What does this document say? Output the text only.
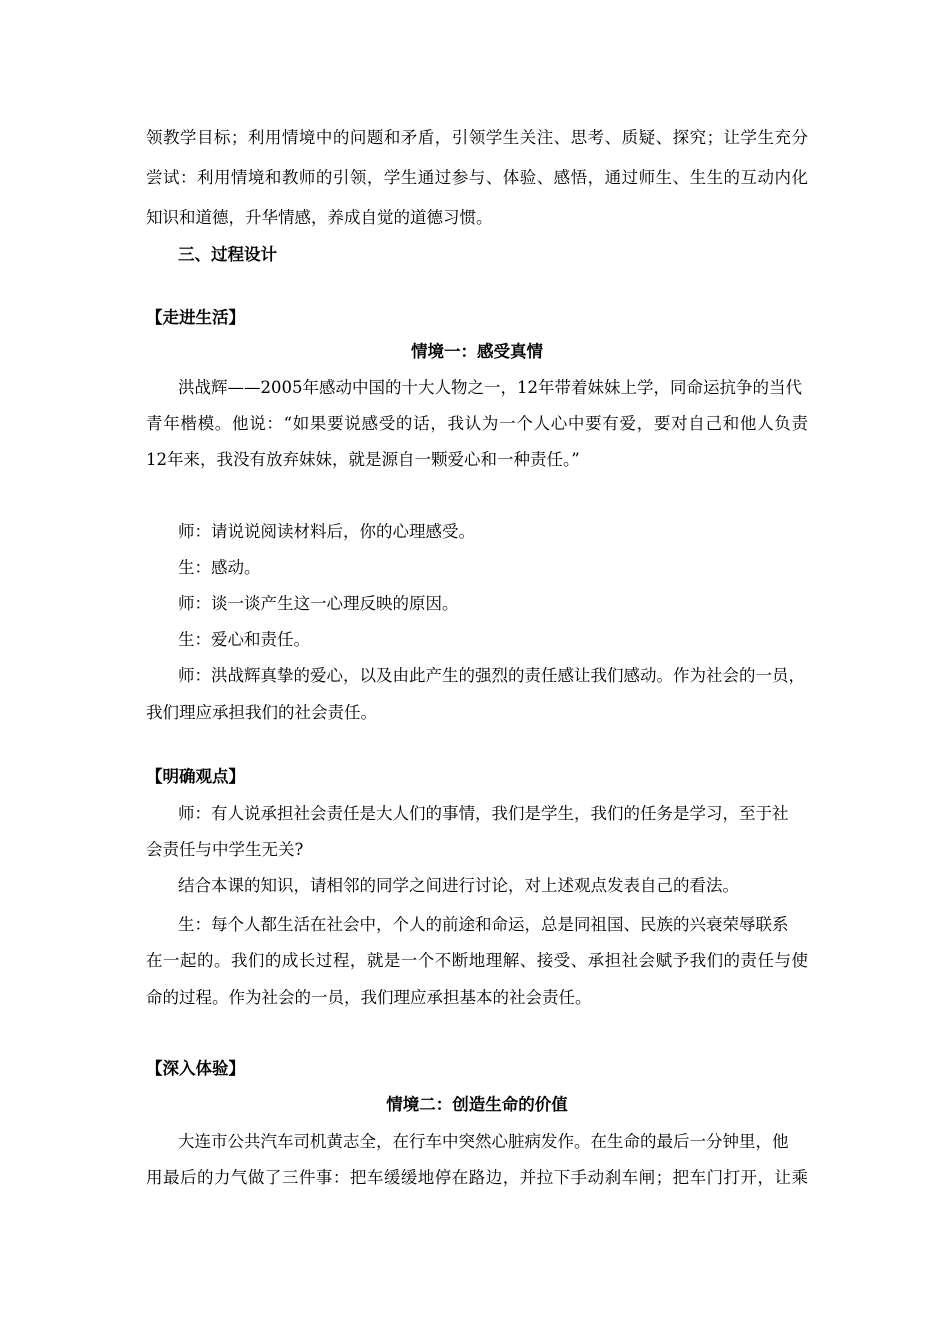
领教学目标；利用情境中的问题和矛盾，引领学生关注、思考、质疑、探究；让学生充分
尝试：利用情境和教师的引领，学生通过参与、体验、感悟，通过师生、生生的互动内化
知识和道德，升华情感，养成自觉的道德习惯。
三、过程设计
【走进生活】
情境一：感受真情
洪战辉——2005年感动中国的十大人物之一，12年带着妹妹上学，同命运抗争的当代
青年楷模。他说：“如果要说感受的话，我认为一个人心中要有爱，要对自己和他人负责
12年来，我没有放弃妹妹，就是源自一颗爱心和一种责任。”
师：请说说阅读材料后，你的心理感受。
生：感动。
师：谈一谈产生这一心理反映的原因。
生：爱心和责任。
师：洪战辉真挚的爱心，以及由此产生的强烈的责任感让我们感动。作为社会的一员，
我们理应承担我们的社会责任。
【明确观点】
师：有人说承担社会责任是大人们的事情，我们是学生，我们的任务是学习，至于社
会责任与中学生无关?
结合本课的知识，请相邻的同学之间进行讨论，对上述观点发表自己的看法。
生：每个人都生活在社会中，个人的前途和命运，总是同祖国、民族的兴衰荣辱联系
在一起的。我们的成长过程，就是一个不断地理解、接受、承担社会赋予我们的责任与使
命的过程。作为社会的一员，我们理应承担基本的社会责任。
【深入体验】
情境二：创造生命的价值
大连市公共汽车司机黄志全，在行车中突然心脏病发作。在生命的最后一分钟里，他
用最后的力气做了三件事：把车缓缓地停在路边，并拉下手动刹车闸；把车门打开，让乘
